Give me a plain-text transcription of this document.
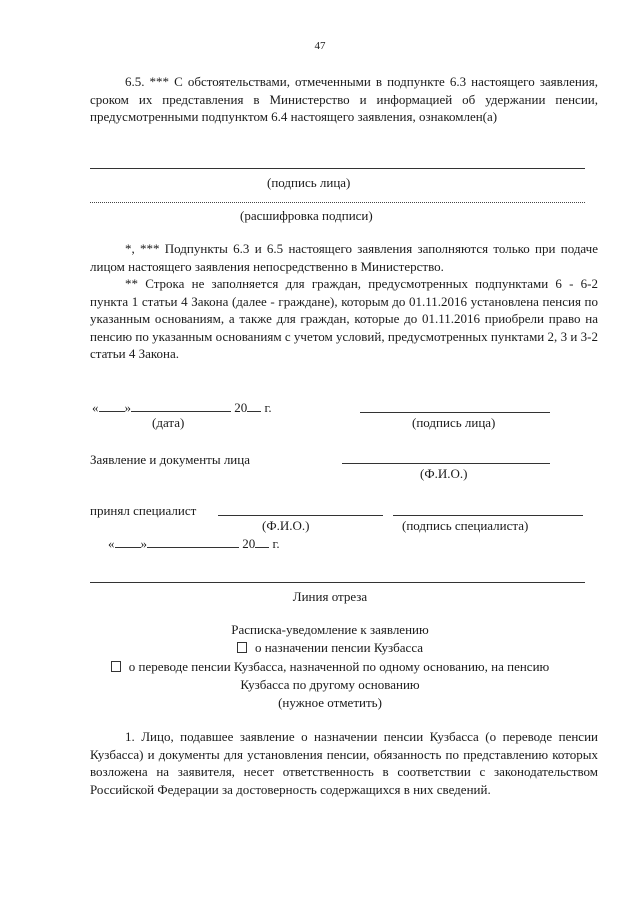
47
6.5. *** С обстоятельствами, отмеченными в подпункте 6.3 настоящего заявления, сроком их представления в Министерство и информацией об удержании пенсии, предусмотренными подпунктом 6.4 настоящего заявления, ознакомлен(а)
(подпись лица)
(расшифровка подписи)
*, *** Подпункты 6.3 и 6.5 настоящего заявления заполняются только при подаче лицом настоящего заявления непосредственно в Министерство.
** Строка не заполняется для граждан, предусмотренных подпунктами 6 - 6-2 пункта 1 статьи 4 Закона (далее - граждане), которым до 01.11.2016 установлена пенсия по указанным основаниям, а также для граждан, которые до 01.11.2016 приобрели право на пенсию по указанным основаниям с учетом условий, предусмотренных пунктами 2, 3 и 3-2 статьи 4 Закона.
« »	20 г.
(дата)	(подпись лица)
Заявление и документы лица
(Ф.И.О.)
принял специалист
(Ф.И.О.)	(подпись специалиста)
« »	20 г.
Линия отреза
Расписка-уведомление к заявлению
о назначении пенсии Кузбасса
о переводе пенсии Кузбасса, назначенной по одному основанию, на пенсию
Кузбасса по другому основанию
(нужное отметить)
1. Лицо, подавшее заявление о назначении пенсии Кузбасса (о переводе пенсии Кузбасса) и документы для установления пенсии, обязанность по представлению которых возложена на заявителя, несет ответственность в соответствии с законодательством Российской Федерации за достоверность содержащихся в них сведений.
